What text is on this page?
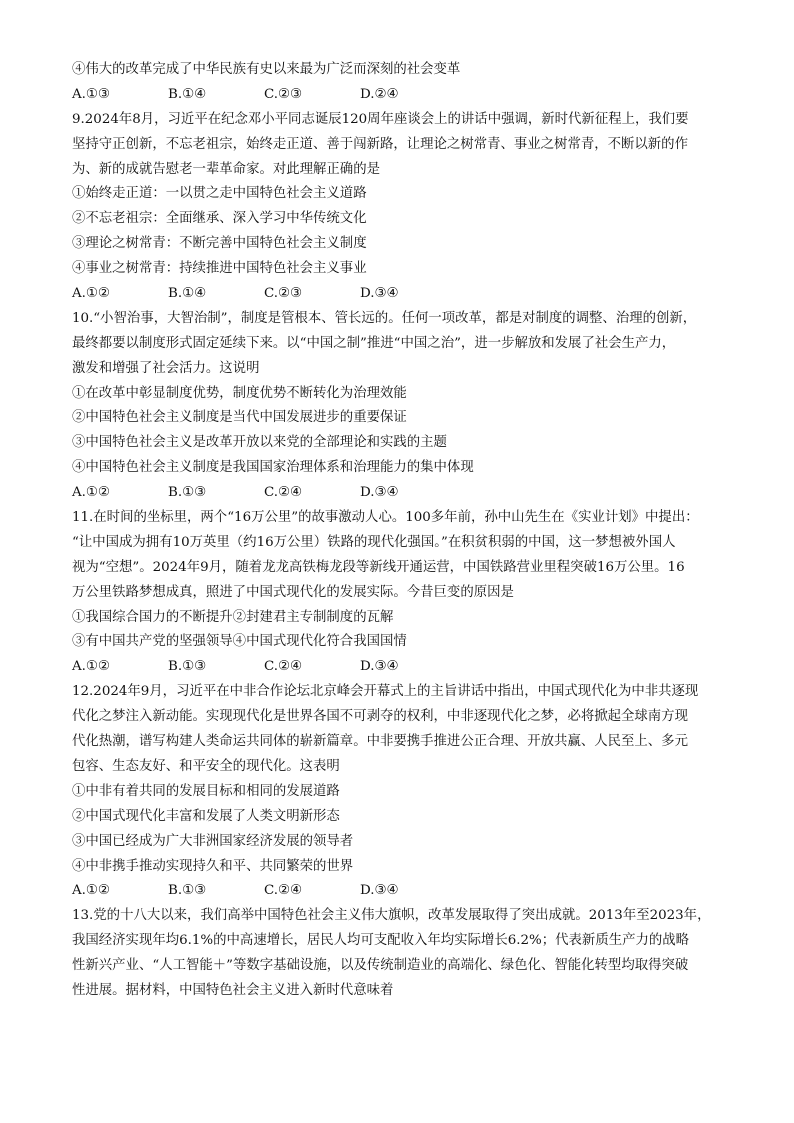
④伟大的改革完成了中华民族有史以来最为广泛而深刻的社会变革
A.①③	B.①④	C.②③	D.②④
9.2024年8月，习近平在纪念邓小平同志诞辰120周年座谈会上的讲话中强调，新时代新征程上，我们要
坚持守正创新，不忘老祖宗，始终走正道、善于闯新路，让理论之树常青、事业之树常青，不断以新的作
为、新的成就告慰老一辈革命家。对此理解正确的是
①始终走正道：一以贯之走中国特色社会主义道路
②不忘老祖宗：全面继承、深入学习中华传统文化
③理论之树常青：不断完善中国特色社会主义制度
④事业之树常青：持续推进中国特色社会主义事业
A.①②	B.①④	C.②③	D.③④
10.“小智治事，大智治制”，制度是管根本、管长远的。任何一项改革，都是对制度的调整、治理的创新，
最终都要以制度形式固定延续下来。以“中国之制”推进“中国之治”，进一步解放和发展了社会生产力，
激发和增强了社会活力。这说明
①在改革中彰显制度优势，制度优势不断转化为治理效能
②中国特色社会主义制度是当代中国发展进步的重要保证
③中国特色社会主义是改革开放以来党的全部理论和实践的主题
④中国特色社会主义制度是我国国家治理体系和治理能力的集中体现
A.①②	B.①③	C.②④	D.③④
11.在时间的坐标里，两个“16万公里”的故事激动人心。100多年前，孙中山先生在《实业计划》中提出：
“让中国成为拥有10万英里（约16万公里）铁路的现代化强国。”在积贫积弱的中国，这一梦想被外国人
视为“空想”。2024年9月，随着龙龙高铁梅龙段等新线开通运营，中国铁路营业里程突破16万公里。16
万公里铁路梦想成真，照进了中国式现代化的发展实际。今昔巨变的原因是
①我国综合国力的不断提升②封建君主专制制度的瓦解
③有中国共产党的坚强领导④中国式现代化符合我国国情
A.①②	B.①③	C.②④	D.③④
12.2024年9月，习近平在中非合作论坛北京峰会开幕式上的主旨讲话中指出，中国式现代化为中非共逐现
代化之梦注入新动能。实现现代化是世界各国不可剥夺的权利，中非逐现代化之梦，必将掀起全球南方现
代化热潮，谱写构建人类命运共同体的崭新篇章。中非要携手推进公正合理、开放共赢、人民至上、多元
包容、生态友好、和平安全的现代化。这表明
①中非有着共同的发展目标和相同的发展道路
②中国式现代化丰富和发展了人类文明新形态
③中国已经成为广大非洲国家经济发展的领导者
④中非携手推动实现持久和平、共同繁荣的世界
A.①②	B.①③	C.②④	D.③④
13.党的十八大以来，我们高举中国特色社会主义伟大旗帜，改革发展取得了突出成就。2013年至2023年，
我国经济实现年均6.1%的中高速增长，居民人均可支配收入年均实际增长6.2%；代表新质生产力的战略
性新兴产业、“人工智能＋”等数字基础设施，以及传统制造业的高端化、绿色化、智能化转型均取得突破
性进展。据材料，中国特色社会主义进入新时代意味着
